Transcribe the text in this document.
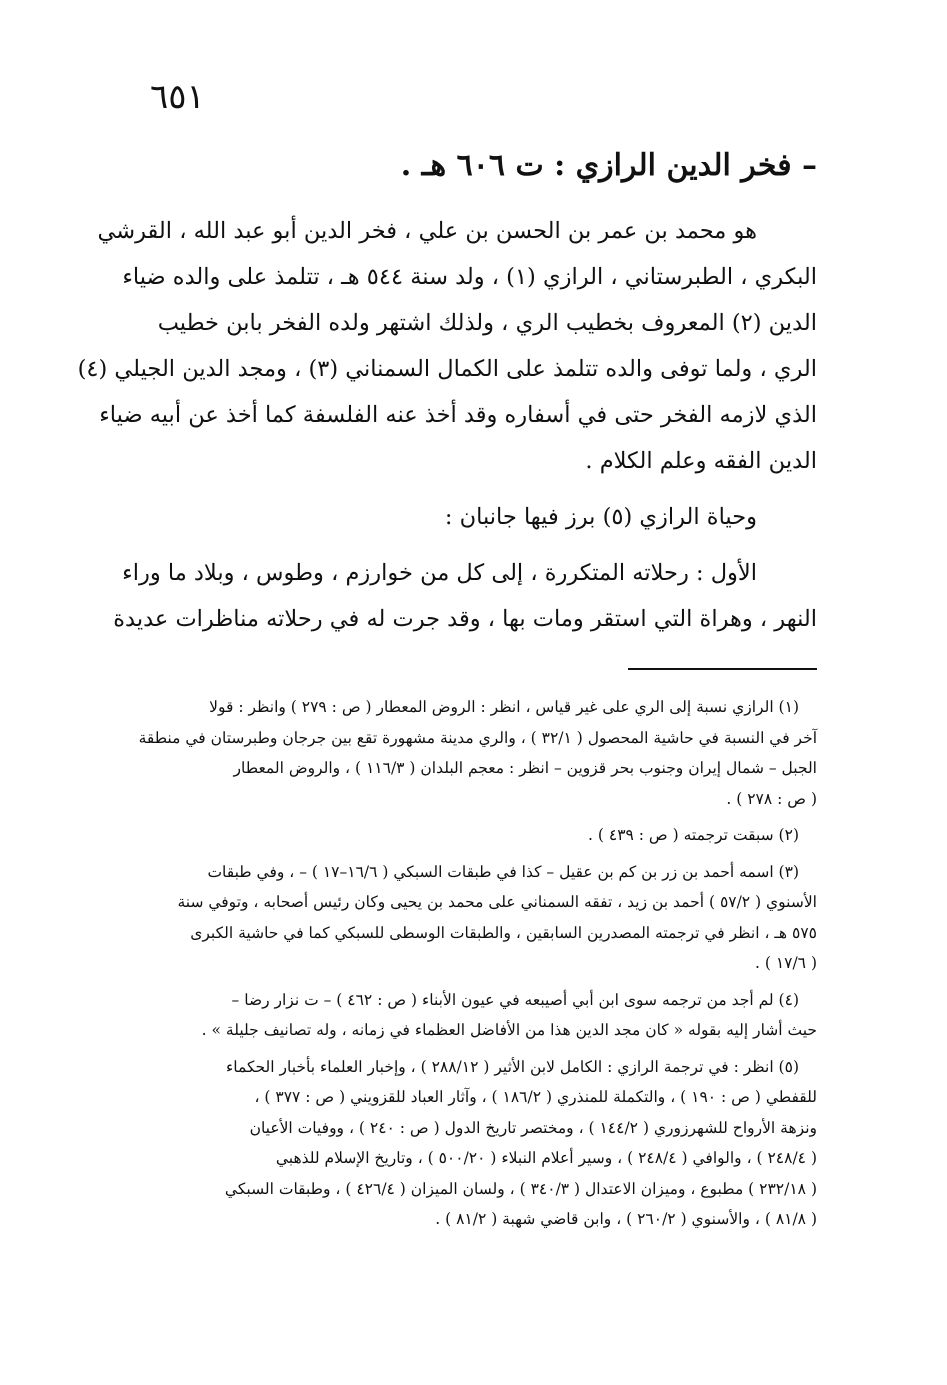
٦٥١
– فخر الدين الرازي : ت ٦٠٦ هـ .

هو محمد بن عمر بن الحسن بن علي ، فخر الدين أبو عبد الله ، القرشي
البكري ، الطبرستاني ، الرازي (١) ، ولد سنة ٥٤٤ هـ ، تتلمذ على والده ضياء
الدين (٢) المعروف بخطيب الري ، ولذلك اشتهر ولده الفخر بابن خطيب
الري ، ولما توفى والده تتلمذ على الكمال السمناني (٣) ، ومجد الدين الجيلي (٤)
الذي لازمه الفخر حتى في أسفاره وقد أخذ عنه الفلسفة كما أخذ عن أبيه ضياء
الدين الفقه وعلم الكلام .

وحياة الرازي (٥) برز فيها جانبان :

الأول : رحلاته المتكررة ، إلى كل من خوارزم ، وطوس ، وبلاد ما وراء
النهر ، وهراة التي استقر ومات بها ، وقد جرت له في رحلاته مناظرات عديدة

(١) الرازي نسبة إلى الري على غير قياس ، انظر : الروض المعطار ( ص : ٢٧٩ ) وانظر : قولا
آخر في النسبة في حاشية المحصول ( ٣٢/١ ) ، والري مدينة مشهورة تقع بين جرجان وطبرستان في منطقة
الجبل – شمال إيران وجنوب بحر قزوين – انظر : معجم البلدان ( ١١٦/٣ ) ، والروض المعطار
( ص : ٢٧٨ ) .

(٢) سبقت ترجمته ( ص : ٤٣٩ ) .

(٣) اسمه أحمد بن زر بن كم بن عقيل – كذا في طبقات السبكي ( ١٦/٦–١٧ ) – ، وفي طبقات
الأسنوي ( ٥٧/٢ ) أحمد بن زيد ، تفقه السمناني على محمد بن يحيى وكان رئيس أصحابه ، وتوفي سنة
٥٧٥ هـ ، انظر في ترجمته المصدرين السابقين ، والطبقات الوسطى للسبكي كما في حاشية الكبرى
( ١٧/٦ ) .

(٤) لم أجد من ترجمه سوى ابن أبي أصيبعه في عيون الأبناء ( ص : ٤٦٢ ) – ت نزار رضا –
حيث أشار إليه بقوله « كان مجد الدين هذا من الأفاضل العظماء في زمانه ، وله تصانيف جليلة » .

(٥) انظر : في ترجمة الرازي : الكامل لابن الأثير ( ٢٨٨/١٢ ) ، وإخبار العلماء بأخبار الحكماء
للقفطي ( ص : ١٩٠ ) ، والتكملة للمنذري ( ١٨٦/٢ ) ، وآثار العباد للقزويني ( ص : ٣٧٧ ) ،
ونزهة الأرواح للشهرزوري ( ١٤٤/٢ ) ، ومختصر تاريخ الدول ( ص : ٢٤٠ ) ، ووفيات الأعيان
( ٢٤٨/٤ ) ، والوافي ( ٢٤٨/٤ ) ، وسير أعلام النبلاء ( ٥٠٠/٢٠ ) ، وتاريخ الإسلام للذهبي
( ٢٣٢/١٨ ) مطبوع ، وميزان الاعتدال ( ٣٤٠/٣ ) ، ولسان الميزان ( ٤٢٦/٤ ) ، وطبقات السبكي
( ٨١/٨ ) ، والأسنوي ( ٢٦٠/٢ ) ، وابن قاضي شهبة ( ٨١/٢ ) .
